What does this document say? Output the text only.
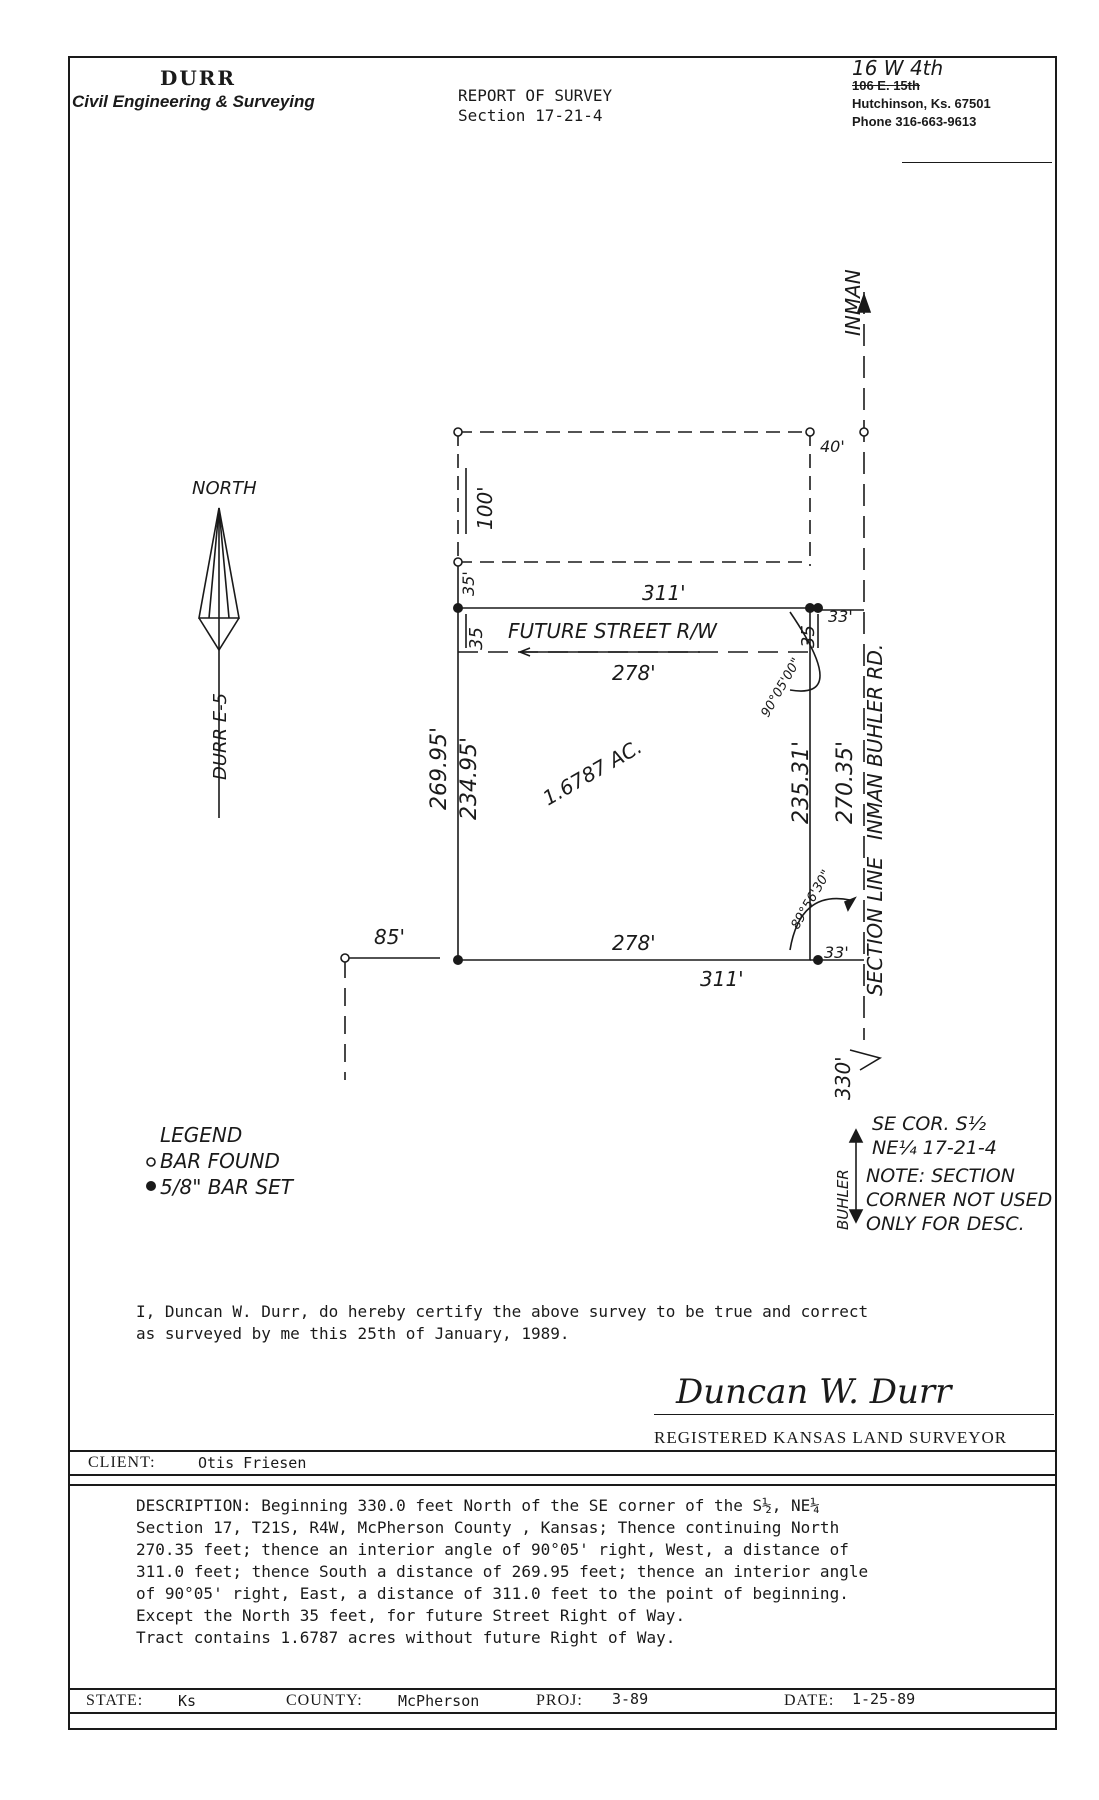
DURR
Civil Engineering & Surveying	REPORT OF SURVEY
Section 17-21-4
16 W 4th
106 E. 15th
Hutchinson, Ks. 67501
Phone 316-663-9613
NORTH
DURR E-5
INMAN
INMAN BUHLER RD.
SECTION LINE
FUTURE STREET R/W
1.6787 AC.
311'
278'
278'
311'
35	35
35'
100'
40'
33'
33'
85'
330'
269.95' 234.95'	235.31' 270.35'
90°05'00"
89°56'30"
SE COR. S½
NE¼ 17-21-4
NOTE: SECTION
CORNER NOT USED
ONLY FOR DESC.
BUHLER
LEGEND
BAR FOUND
5/8" BAR SET
I, Duncan W. Durr, do hereby certify the above survey to be true and correct
as surveyed by me this 25th of January, 1989.
Duncan W. Durr
REGISTERED KANSAS LAND SURVEYOR
CLIENT:	Otis Friesen
DESCRIPTION: Beginning 330.0 feet North of the SE corner of the S½, NE¼
Section 17, T21S, R4W, McPherson County , Kansas; Thence continuing North
270.35 feet; thence an interior angle of 90°05' right, West, a distance of
311.0 feet; thence South a distance of 269.95 feet; thence an interior angle
of 90°05' right, East, a distance of 311.0 feet to the point of beginning.
Except the North 35 feet, for future Street Right of Way.
Tract contains 1.6787 acres without future Right of Way.
STATE: Ks	COUNTY: McPherson	PROJ: 3-89	DATE: 1-25-89
